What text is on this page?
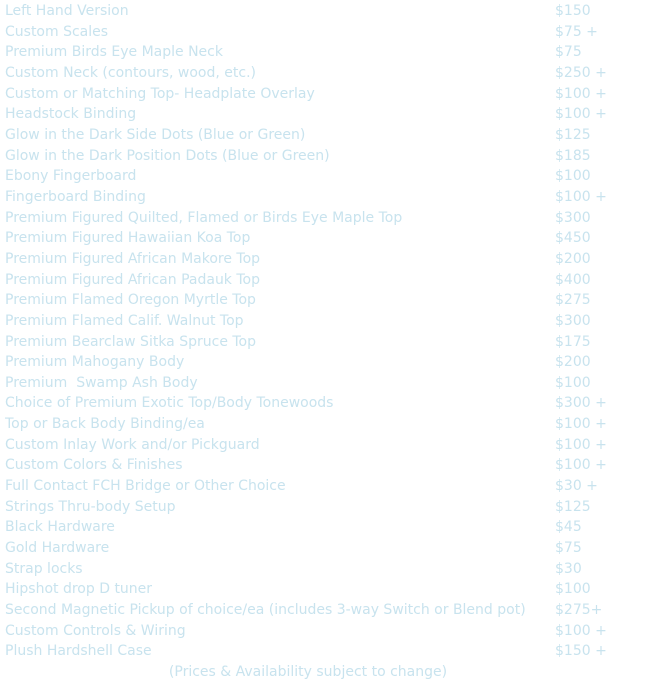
Left Hand Version	$150
Custom Scales	$75 +
Premium Birds Eye Maple Neck	$75
Custom Neck (contours, wood, etc.)	$250 +
Custom or Matching Top- Headplate Overlay	$100 +
Headstock Binding	$100 +
Glow in the Dark Side Dots (Blue or Green)	$125
Glow in the Dark Position Dots (Blue or Green)	$185
Ebony Fingerboard	$100
Fingerboard Binding	$100 +
Premium Figured Quilted, Flamed or Birds Eye Maple Top	$300
Premium Figured Hawaiian Koa Top	$450
Premium Figured African Makore Top	$200
Premium Figured African Padauk Top	$400
Premium Flamed Oregon Myrtle Top	$275
Premium Flamed Calif. Walnut Top	$300
Premium Bearclaw Sitka Spruce Top	$175
Premium Mahogany Body	$200
Premium  Swamp Ash Body	$100
Choice of Premium Exotic Top/Body Tonewoods	$300 +
Top or Back Body Binding/ea	$100 +
Custom Inlay Work and/or Pickguard	$100 +
Custom Colors & Finishes	$100 +
Full Contact FCH Bridge or Other Choice	$30 +
Strings Thru-body Setup	$125
Black Hardware	$45
Gold Hardware	$75
Strap locks	$30
Hipshot drop D tuner	$100
Second Magnetic Pickup of choice/ea (includes 3-way Switch or Blend pot)	$275+
Custom Controls & Wiring	$100 +
Plush Hardshell Case	$150 +
(Prices & Availability subject to change)
